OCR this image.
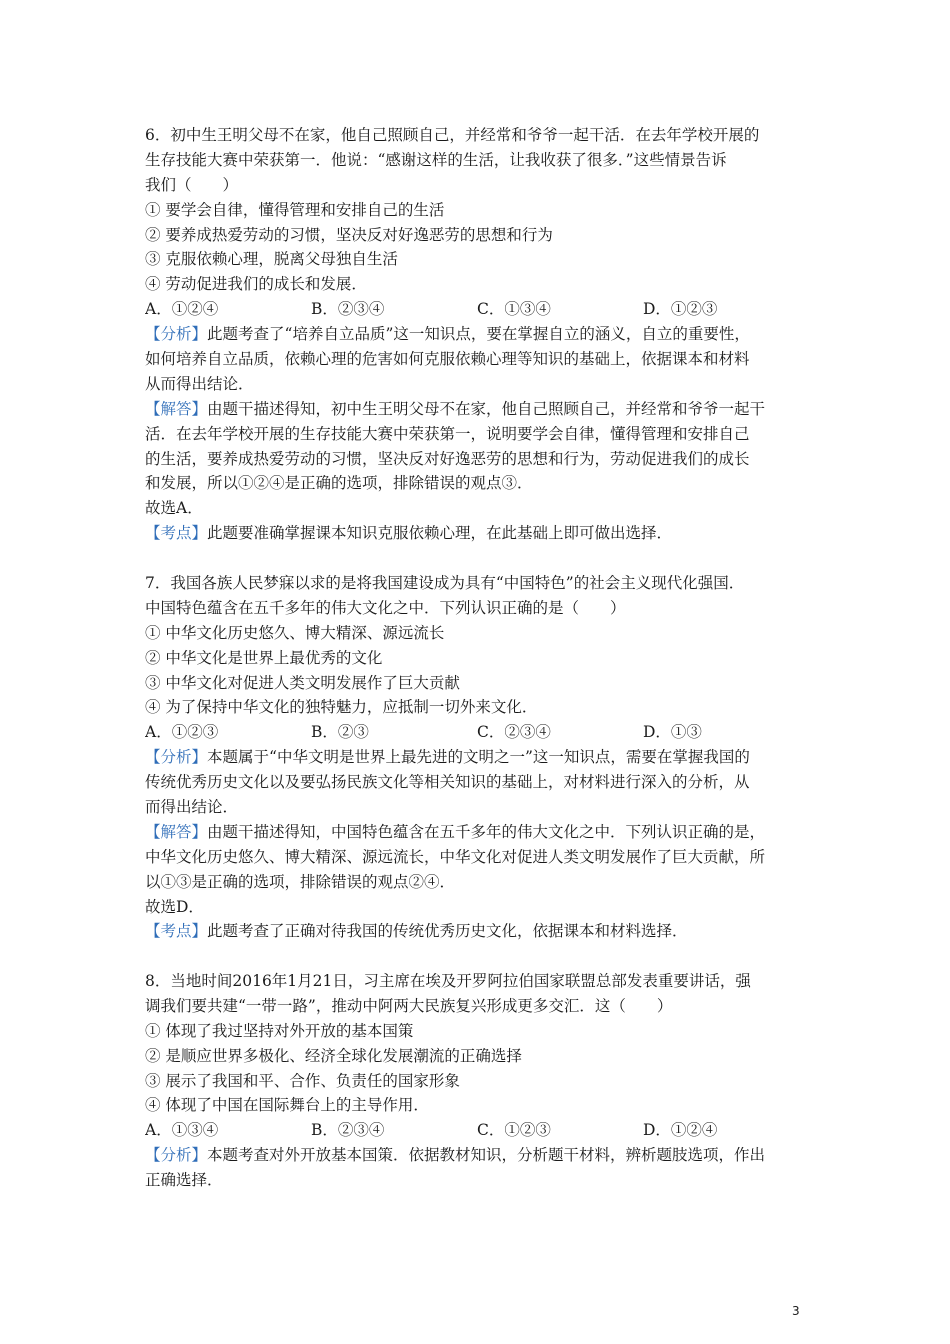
6．初中生王明父母不在家，他自己照顾自己，并经常和爷爷一起干活．在去年学校开展的
生存技能大赛中荣获第一．他说：“感谢这样的生活，让我收获了很多．”这些情景告诉
我们（　　）
① 要学会自律，懂得管理和安排自己的生活
② 要养成热爱劳动的习惯，坚决反对好逸恶劳的思想和行为
③ 克服依赖心理，脱离父母独自生活
④ 劳动促进我们的成长和发展．
A．①②④	B．②③④	C．①③④	D．①②③
【分析】此题考查了“培养自立品质”这一知识点，要在掌握自立的涵义，自立的重要性，
如何培养自立品质，依赖心理的危害如何克服依赖心理等知识的基础上，依据课本和材料
从而得出结论．
【解答】由题干描述得知，初中生王明父母不在家，他自己照顾自己，并经常和爷爷一起干
活．在去年学校开展的生存技能大赛中荣获第一，说明要学会自律，懂得管理和安排自己
的生活，要养成热爱劳动的习惯，坚决反对好逸恶劳的思想和行为，劳动促进我们的成长
和发展，所以①②④是正确的选项，排除错误的观点③．
故选A．
【考点】此题要准确掌握课本知识克服依赖心理，在此基础上即可做出选择．
7．我国各族人民梦寐以求的是将我国建设成为具有“中国特色”的社会主义现代化强国．
中国特色蕴含在五千多年的伟大文化之中．下列认识正确的是（　　）
① 中华文化历史悠久、博大精深、源远流长
② 中华文化是世界上最优秀的文化
③ 中华文化对促进人类文明发展作了巨大贡献
④ 为了保持中华文化的独特魅力，应抵制一切外来文化．
A．①②③	B．②③	C．②③④	D．①③
【分析】本题属于“中华文明是世界上最先进的文明之一”这一知识点，需要在掌握我国的
传统优秀历史文化以及要弘扬民族文化等相关知识的基础上，对材料进行深入的分析，从
而得出结论．
【解答】由题干描述得知，中国特色蕴含在五千多年的伟大文化之中．下列认识正确的是，
中华文化历史悠久、博大精深、源远流长，中华文化对促进人类文明发展作了巨大贡献，所
以①③是正确的选项，排除错误的观点②④．
故选D．
【考点】此题考查了正确对待我国的传统优秀历史文化，依据课本和材料选择．
8．当地时间2016年1月21日，习主席在埃及开罗阿拉伯国家联盟总部发表重要讲话，强
调我们要共建“一带一路”，推动中阿两大民族复兴形成更多交汇．这（　　）
① 体现了我过坚持对外开放的基本国策
② 是顺应世界多极化、经济全球化发展潮流的正确选择
③ 展示了我国和平、合作、负责任的国家形象
④ 体现了中国在国际舞台上的主导作用．
A．①③④	B．②③④	C．①②③	D．①②④
【分析】本题考查对外开放基本国策．依据教材知识，分析题干材料，辨析题肢选项，作出
正确选择．
3
